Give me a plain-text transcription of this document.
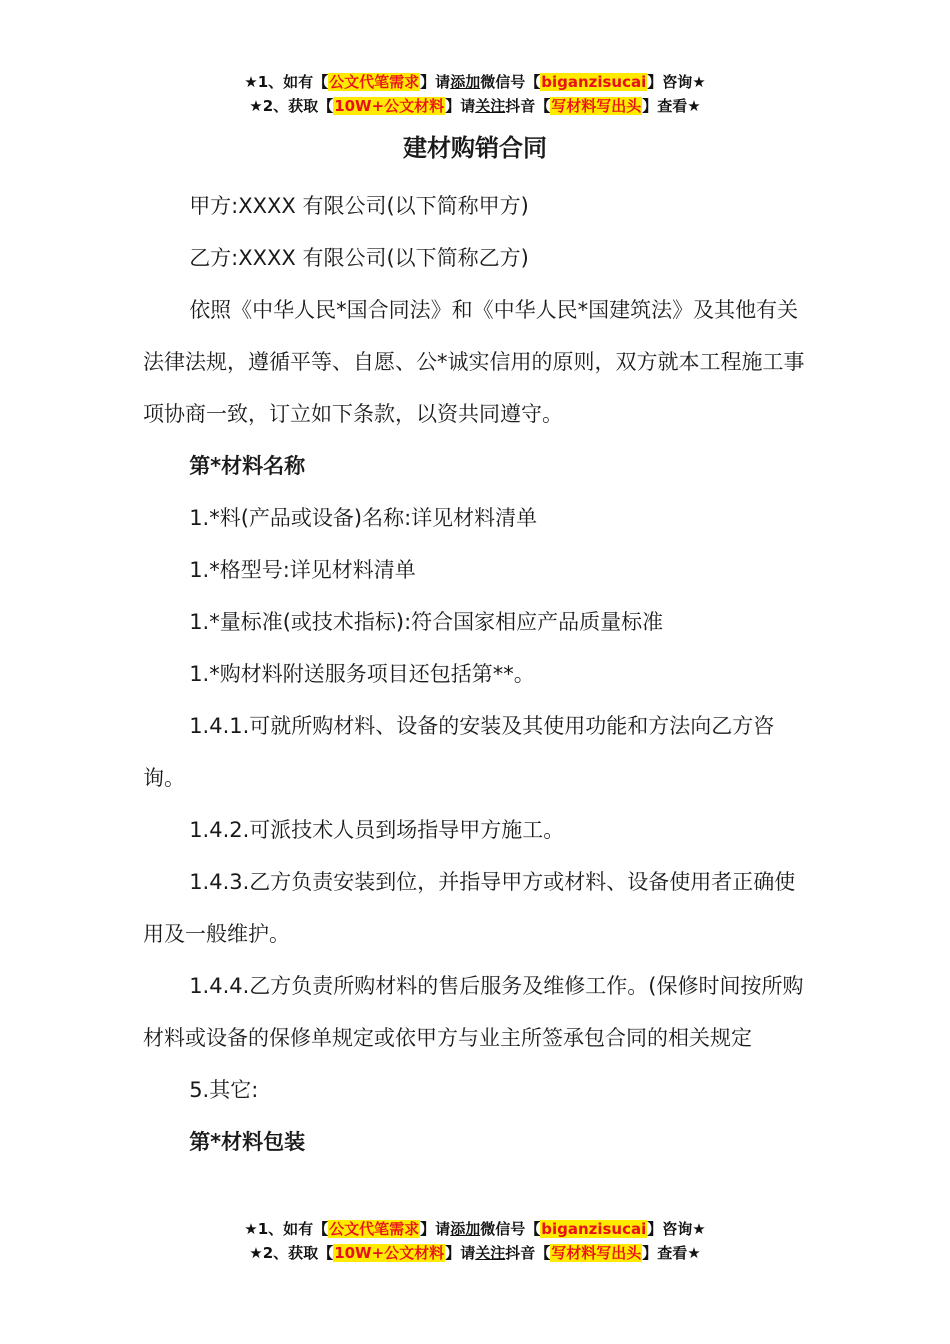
★1、如有【公文代笔需求】请添加微信号【biganzisucai】咨询★
★2、获取【10W+公文材料】请关注抖音【写材料写出头】查看★
建材购销合同

甲方:XXXX 有限公司(以下简称甲方)

乙方:XXXX 有限公司(以下简称乙方)

依照《中华人民*国合同法》和《中华人民*国建筑法》及其他有关法律法规，遵循平等、自愿、公*诚实信用的原则，双方就本工程施工事项协商一致，订立如下条款，以资共同遵守。

第*材料名称

1.*料(产品或设备)名称:详见材料清单

1.*格型号:详见材料清单

1.*量标准(或技术指标):符合国家相应产品质量标准

1.*购材料附送服务项目还包括第**。

1.4.1.可就所购材料、设备的安装及其使用功能和方法向乙方咨询。

1.4.2.可派技术人员到场指导甲方施工。

1.4.3.乙方负责安装到位，并指导甲方或材料、设备使用者正确使用及一般维护。

1.4.4.乙方负责所购材料的售后服务及维修工作。(保修时间按所购材料或设备的保修单规定或依甲方与业主所签承包合同的相关规定

5.其它:

第*材料包装

★1、如有【公文代笔需求】请添加微信号【biganzisucai】咨询★
★2、获取【10W+公文材料】请关注抖音【写材料写出头】查看★
